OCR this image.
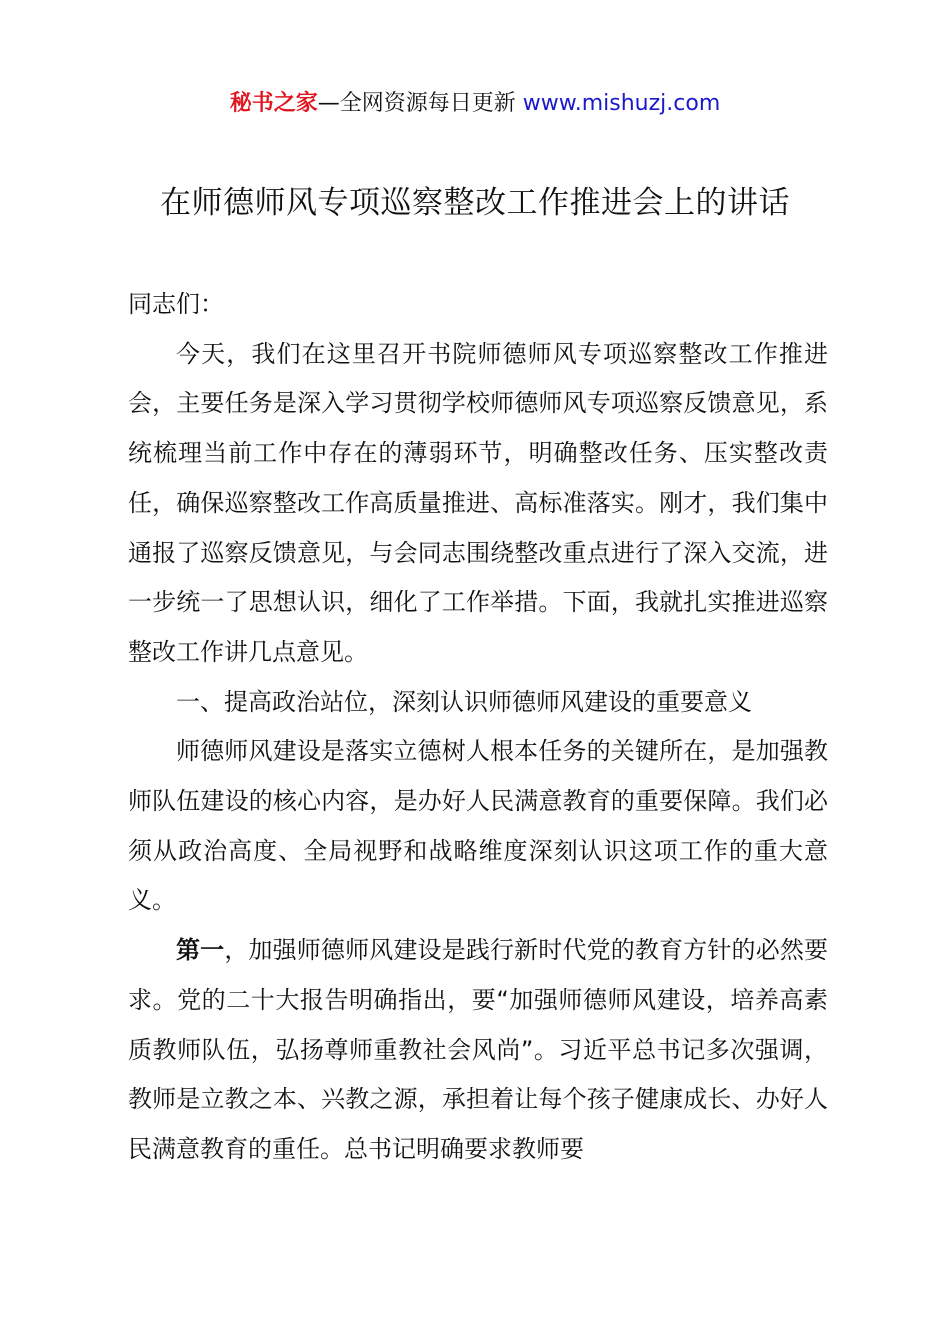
秘书之家—全网资源每日更新 www.mishuzj.com
在师德师风专项巡察整改工作推进会上的讲话

同志们：

今天，我们在这里召开书院师德师风专项巡察整改工作推进会，主要任务是深入学习贯彻学校师德师风专项巡察反馈意见，系统梳理当前工作中存在的薄弱环节，明确整改任务、压实整改责任，确保巡察整改工作高质量推进、高标准落实。刚才，我们集中通报了巡察反馈意见，与会同志围绕整改重点进行了深入交流，进一步统一了思想认识，细化了工作举措。下面，我就扎实推进巡察整改工作讲几点意见。

一、提高政治站位，深刻认识师德师风建设的重要意义

师德师风建设是落实立德树人根本任务的关键所在，是加强教师队伍建设的核心内容，是办好人民满意教育的重要保障。我们必须从政治高度、全局视野和战略维度深刻认识这项工作的重大意义。

第一，加强师德师风建设是践行新时代党的教育方针的必然要求。党的二十大报告明确指出，要“加强师德师风建设，培养高素质教师队伍，弘扬尊师重教社会风尚”。习近平总书记多次强调，教师是立教之本、兴教之源，承担着让每个孩子健康成长、办好人民满意教育的重任。总书记明确要求教师要
